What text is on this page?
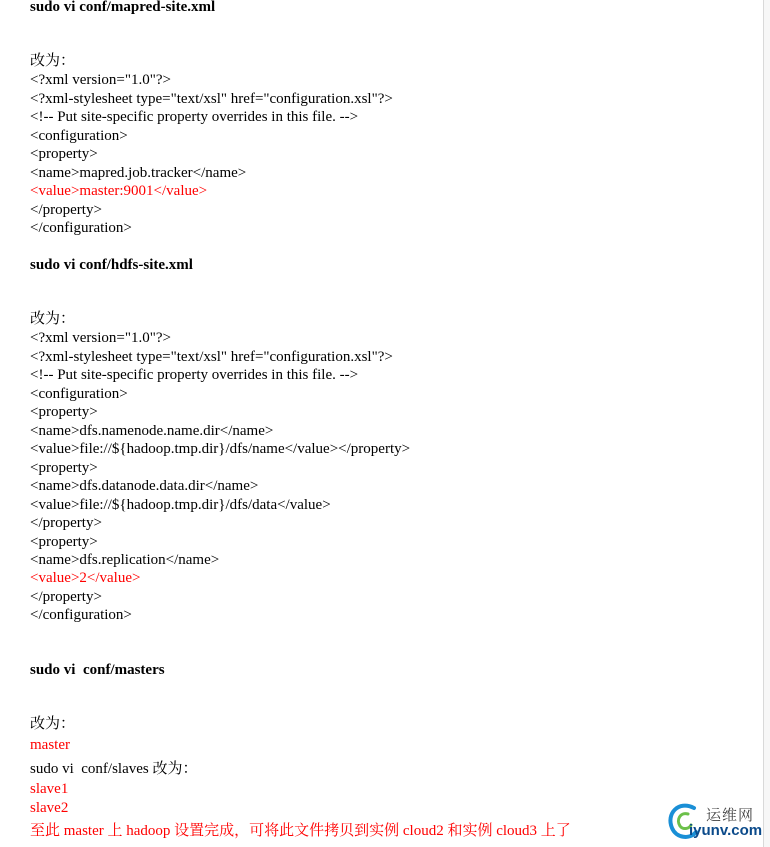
sudo vi conf/mapred-site.xml
改为：
<?xml version="1.0"?>
<?xml-stylesheet type="text/xsl" href="configuration.xsl"?>
<!-- Put site-specific property overrides in this file. -->
<configuration>
<property>
<name>mapred.job.tracker</name>
<value>master:9001</value>
</property>
</configuration>
sudo vi conf/hdfs-site.xml
改为：
<?xml version="1.0"?>
<?xml-stylesheet type="text/xsl" href="configuration.xsl"?>
<!-- Put site-specific property overrides in this file. -->
<configuration>
<property>
<name>dfs.namenode.name.dir</name>
<value>file://${hadoop.tmp.dir}/dfs/name</value></property>
<property>
<name>dfs.datanode.data.dir</name>
<value>file://${hadoop.tmp.dir}/dfs/data</value>
</property>
<property>
<name>dfs.replication</name>
<value>2</value>
</property>
</configuration>
sudo vi  conf/masters
改为：
master
sudo vi  conf/slaves 改为：
slave1
slave2
至此 master 上 hadoop 设置完成，可将此文件拷贝到实例 cloud2 和实例 cloud3 上了
运维网
iyunv.com
